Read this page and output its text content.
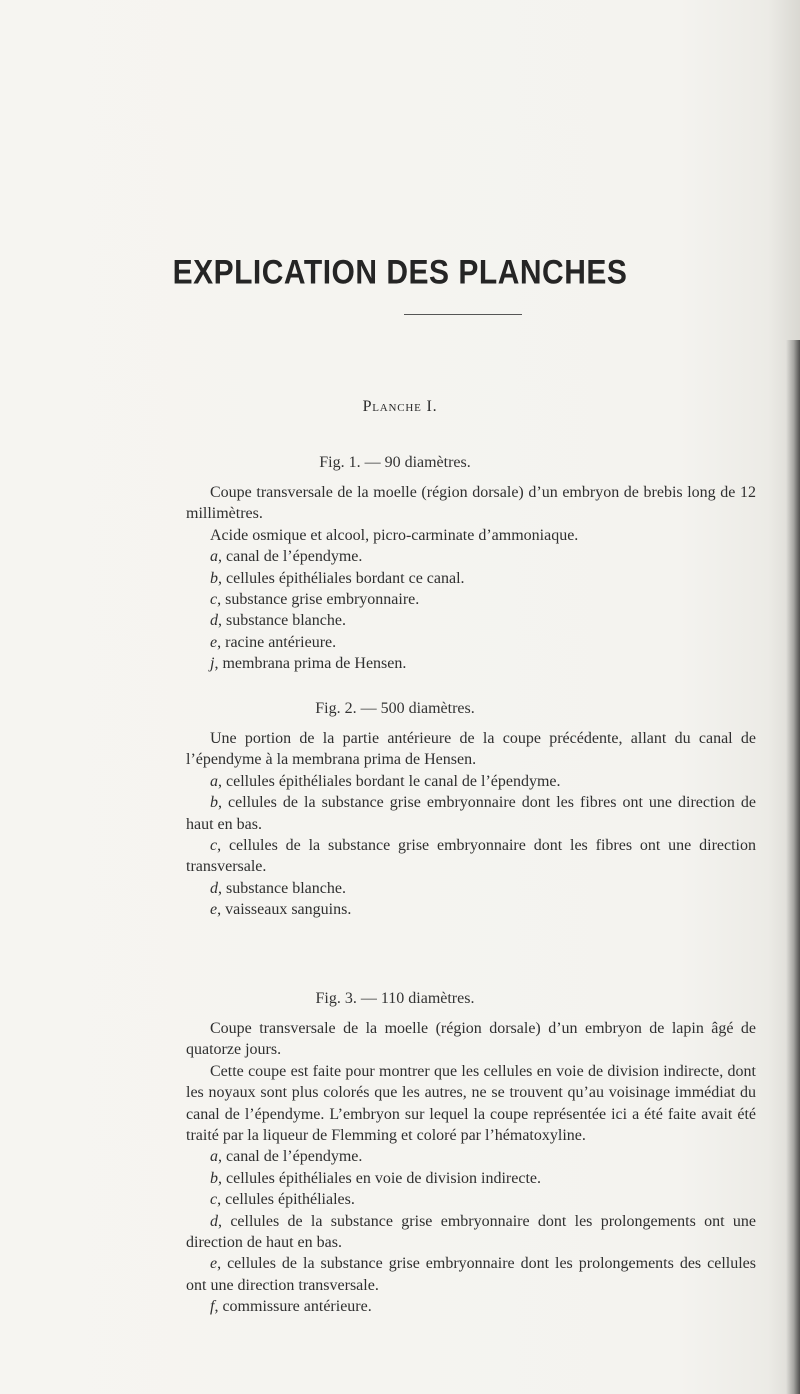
EXPLICATION DES PLANCHES
Planche I.
Fig. 1. — 90 diamètres.

Coupe transversale de la moelle (région dorsale) d’un embryon de brebis long de 12 millimètres.

Acide osmique et alcool, picro-carminate d’ammoniaque.

a, canal de l’épendyme.

b, cellules épithéliales bordant ce canal.

c, substance grise embryonnaire.

d, substance blanche.

e, racine antérieure.

j, membrana prima de Hensen.

Fig. 2. — 500 diamètres.

Une portion de la partie antérieure de la coupe précédente, allant du canal de l’épendyme à la membrana prima de Hensen.

a, cellules épithéliales bordant le canal de l’épendyme.

b, cellules de la substance grise embryonnaire dont les fibres ont une direction de haut en bas.

c, cellules de la substance grise embryonnaire dont les fibres ont une direction transversale.

d, substance blanche.

e, vaisseaux sanguins.

Fig. 3. — 110 diamètres.

Coupe transversale de la moelle (région dorsale) d’un embryon de lapin âgé de quatorze jours.

Cette coupe est faite pour montrer que les cellules en voie de division indirecte, dont les noyaux sont plus colorés que les autres, ne se trouvent qu’au voisinage immédiat du canal de l’épendyme. L’embryon sur lequel la coupe représentée ici a été faite avait été traité par la liqueur de Flemming et coloré par l’hématoxyline.

a, canal de l’épendyme.

b, cellules épithéliales en voie de division indirecte.

c, cellules épithéliales.

d, cellules de la substance grise embryonnaire dont les prolongements ont une direction de haut en bas.

e, cellules de la substance grise embryonnaire dont les prolongements des cellules ont une direction transversale.

f, commissure antérieure.
